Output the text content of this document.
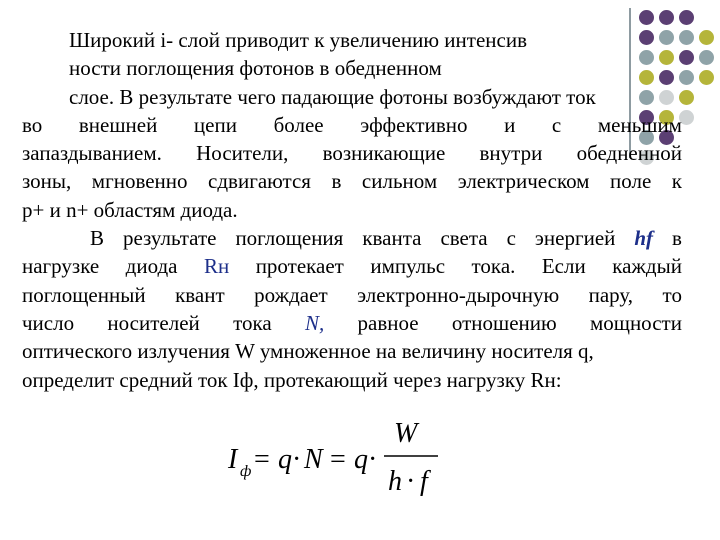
Широкий i- слой приводит к увеличению интенсив
ности поглощения фотонов в обедненном
слое. В результате чего падающие фотоны возбуждают ток
во внешней цепи более эффективно и с меньшим
запаздыванием. Носители, возникающие внутри обедненной
зоны, мгновенно сдвигаются в сильном электрическом поле к
p+ и n+ областям диода.
В результате поглощения кванта света с энергией hf в
нагрузке диода Rн протекает импульс тока. Если каждый
поглощенный квант рождает электронно-дырочную пару, то
число носителей тока N, равное отношению мощности
оптического излучения W умноженное на величину носителя q,
определит средний ток Iф, протекающий через нагрузку Rн:
I ф = q · N = q ·
W
h · f
